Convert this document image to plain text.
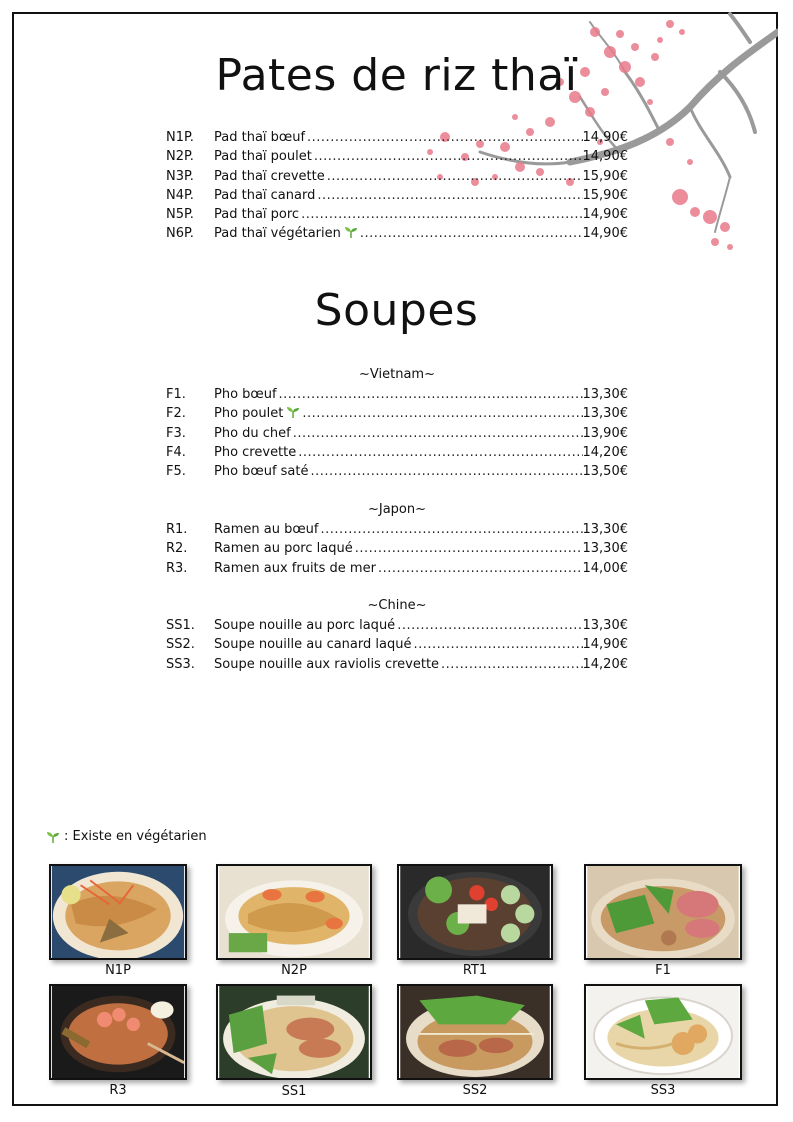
Pates de riz thaï
N1P.	Pad thaï bœuf .....	14,90€
N2P.	Pad thaï poulet .....	14,90€
N3P.	Pad thaï crevette .....	15,90€
N4P.	Pad thaï canard .....	15,90€
N5P.	Pad thaï porc .....	14,90€
N6P.	Pad thaï végétarien .....	14,90€
Soupes
~Vietnam~
F1.	Pho bœuf .....	13,30€
F2.	Pho poulet .....	13,30€
F3.	Pho du chef .....	13,90€
F4.	Pho crevette .....	14,20€
F5.	Pho bœuf saté .....	13,50€
~Japon~
R1.	Ramen au bœuf .....	13,30€
R2.	Ramen au porc laqué .....	13,30€
R3.	Ramen aux fruits de mer .....	14,00€
~Chine~
SS1.	Soupe nouille au porc laqué .....	13,30€
SS2.	Soupe nouille au canard laqué .....	14,90€
SS3.	Soupe nouille aux raviolis crevette .....	14,20€
: Existe en végétarien
N1P	N2P	RT1	F1
R3	SS1	SS2	SS3
